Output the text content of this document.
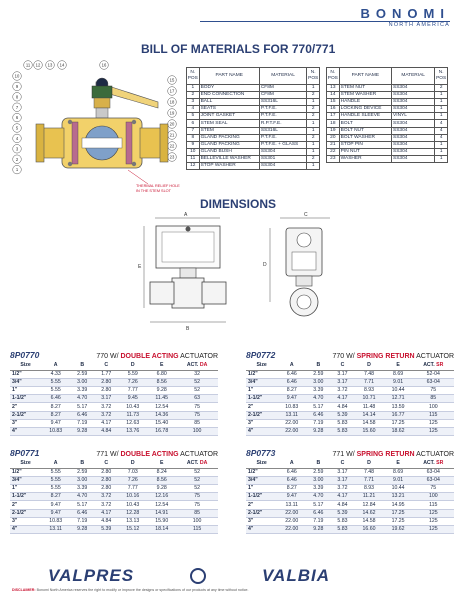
BONOMI
NORTH AMERICA
BILL OF MATERIALS FOR 770/771
11 12 13 14	16
10
9
8
7
6
5
4
3
2
1
15
17
18
19
20
21
22
23
THERMAL RELIEF HOLE IN THE STEM SLOT
N. POS	PART NAME	MATERIAL	N. POS
1	BODY	CF8M	1
2	END CONNECTION	CF8M	2
3	BALL	SS316L	1
4	SEATS	P.T.F.E.	2
5	JOINT GASKET	P.T.F.E.	2
6	STEM SEAL	R.P.T.F.E.	1
7	STEM	SS316L	1
8	GLAND PACKING	P.T.F.E.	2
9	GLAND PACKING	P.T.F.E. + GLASS	1
10	GLAND BUSH	SS304	1
11	BELLEVILLE WASHER	SS301	2
12	STOP WASHER	SS304	1
N. POS	PART NAME	MATERIAL	N. POS
13	STEM NUT	SS304	2
14	STEM WASHER	SS304	1
15	HANDLE	SS304	1
16	LOCKING DEVICE	SS304	1
17	HANDLE SLEEVE	VINYL	1
18	BOLT	SS304	4
19	BOLT NUT	SS304	4
20	BOLT WASHER	SS304	4
21	STOP PIN	SS304	1
22	PIN NUT	SS304	1
23	WASHER	SS304	1
DIMENSIONS
A
B
E
C
D
8P0770	770 W/ DOUBLE ACTING ACTUATOR
Size	A	B	C	D	E	ACT. DA
1/2"	4.33	2.59	1.77	5.59	6.80	32
3/4"	5.55	3.00	2.80	7.26	8.56	52
1"	5.55	3.39	2.80	7.77	9.28	52
1-1/2"	6.46	4.70	3.17	9.45	11.45	63
2"	8.27	5.17	3.72	10.43	12.54	75
2-1/2"	8.27	6.46	3.72	11.73	14.36	75
3"	9.47	7.19	4.17	12.63	15.40	85
4"	10.83	9.28	4.84	13.76	16.78	100
8P0772	770 W/ SPRING RETURN ACTUATOR
Size	A	B	C	D	E	ACT. SR
1/2"	6.46	2.59	3.17	7.48	8.69	52-04
3/4"	6.46	3.00	3.17	7.71	9.01	63-04
1"	8.27	3.39	3.72	8.93	10.44	75
1-1/2"	9.47	4.70	4.17	10.71	12.71	85
2"	10.83	5.17	4.84	11.48	13.59	100
2-1/2"	13.11	6.46	5.39	14.14	16.77	115
3"	22.00	7.19	5.83	14.58	17.25	125
4"	22.00	9.28	5.83	15.60	18.62	125
8P0771	771 W/ DOUBLE ACTING ACTUATOR
Size	A	B	C	D	E	ACT. DA
1/2"	5.55	2.59	2.80	7.03	8.24	52
3/4"	5.55	3.00	2.80	7.26	8.56	52
1"	5.55	3.39	2.80	7.77	9.28	52
1-1/2"	8.27	4.70	3.72	10.16	12.16	75
2"	9.47	5.17	3.72	10.43	12.54	75
2-1/2"	9.47	6.46	4.17	12.28	14.91	85
3"	10.83	7.19	4.84	13.13	15.90	100
4"	13.11	9.28	5.39	15.12	18.14	115
8P0773	771 W/ SPRING RETURN ACTUATOR
Size	A	B	C	D	E	ACT. SR
1/2"	6.46	2.59	3.17	7.48	8.69	63-04
3/4"	6.46	3.00	3.17	7.71	9.01	63-04
1"	8.27	3.39	3.72	8.93	10.44	75
1-1/2"	9.47	4.70	4.17	11.21	13.21	100
2"	13.11	5.17	4.84	12.84	14.95	115
2-1/2"	22.00	6.46	5.39	14.62	17.25	125
3"	22.00	7.19	5.83	14.58	17.25	125
4"	22.00	9.28	5.83	16.60	19.62	125
VALPRES	VALBIA
DISCLAIMER: Bonomi North America reserves the right to modify or improve the designs or specifications of our products at any time without notice.
